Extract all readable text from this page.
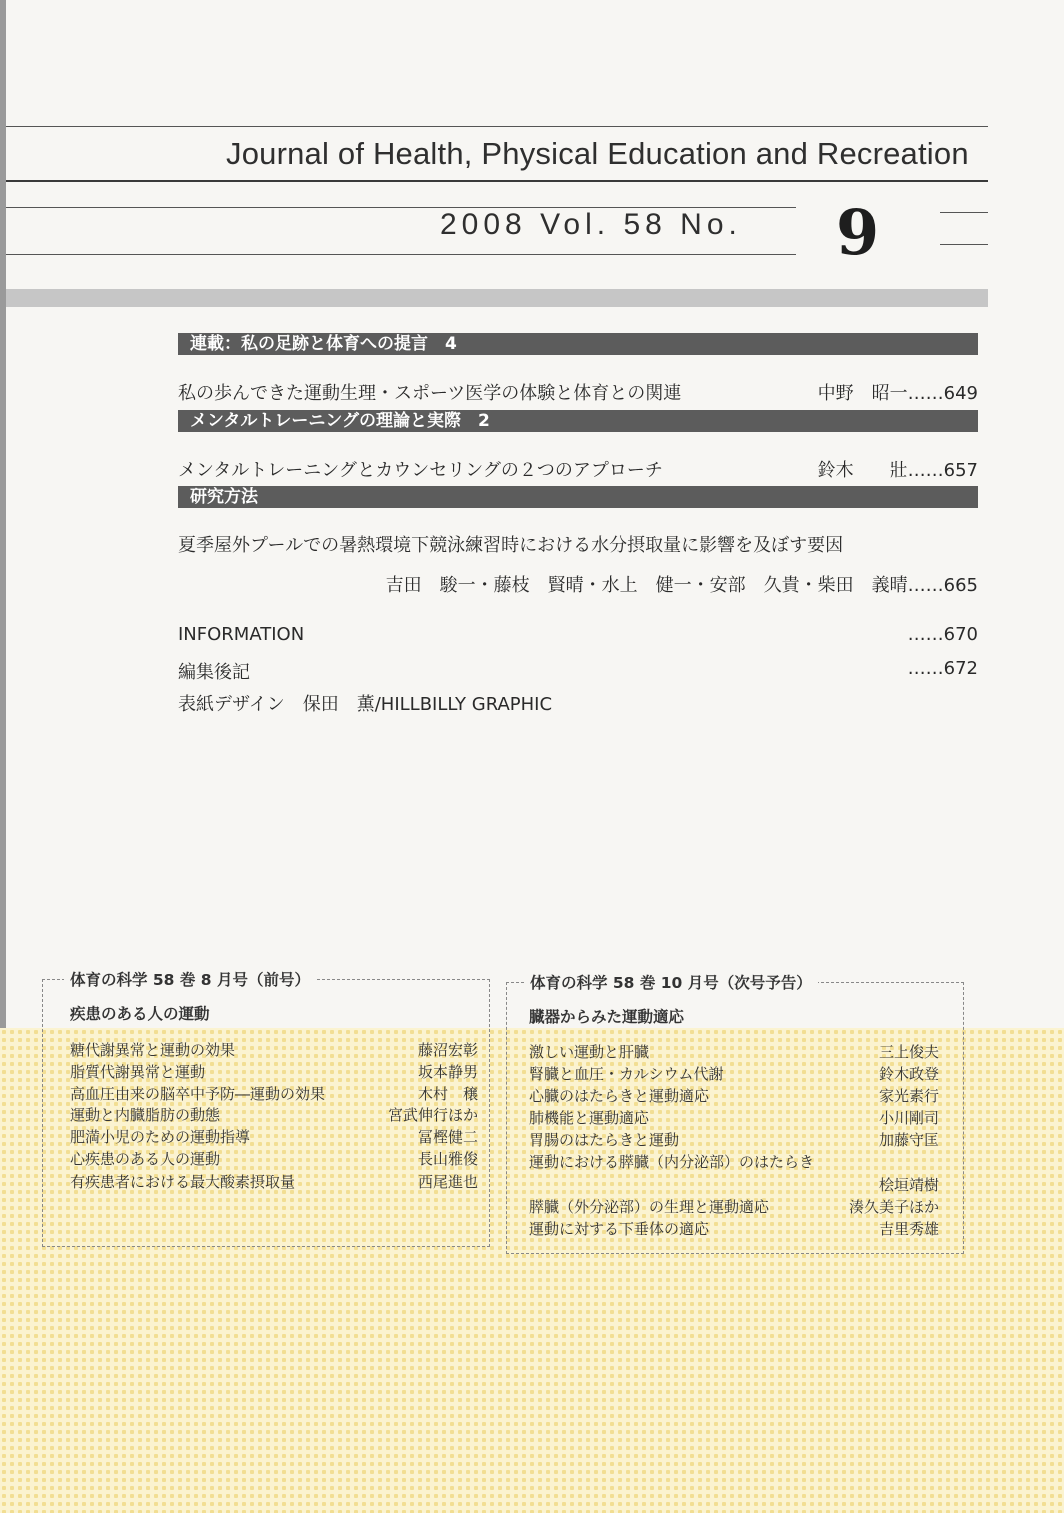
Journal of Health, Physical Education and Recreation
2008 Vol. 58 No. 9
連載：私の足跡と体育への提言　4
私の歩んできた運動生理・スポーツ医学の体験と体育との関連	中野　昭一……649
メンタルトレーニングの理論と実際　2
メンタルトレーニングとカウンセリングの２つのアプローチ	鈴木　　壯……657
研究方法
夏季屋外プールでの暑熱環境下競泳練習時における水分摂取量に影響を及ぼす要因
吉田　駿一・藤枝　賢晴・水上　健一・安部　久貴・柴田　義晴……665
INFORMATION	……670
編集後記	……672
表紙デザイン　保田　薫/HILLBILLY GRAPHIC
体育の科学 58 巻 8 月号（前号）
疾患のある人の運動
糖代謝異常と運動の効果	藤沼宏彰
脂質代謝異常と運動	坂本静男
高血圧由来の脳卒中予防―運動の効果	木村　穣
運動と内臓脂肪の動態	宮武伸行ほか
肥満小児のための運動指導	冨樫健二
心疾患のある人の運動	長山雅俊
有疾患者における最大酸素摂取量	西尾進也
体育の科学 58 巻 10 月号（次号予告）
臓器からみた運動適応
激しい運動と肝臓	三上俊夫
腎臓と血圧・カルシウム代謝	鈴木政登
心臓のはたらきと運動適応	家光素行
肺機能と運動適応	小川剛司
胃腸のはたらきと運動	加藤守匡
運動における膵臓（内分泌部）のはたらき
桧垣靖樹
膵臓（外分泌部）の生理と運動適応	湊久美子ほか
運動に対する下垂体の適応	吉里秀雄
